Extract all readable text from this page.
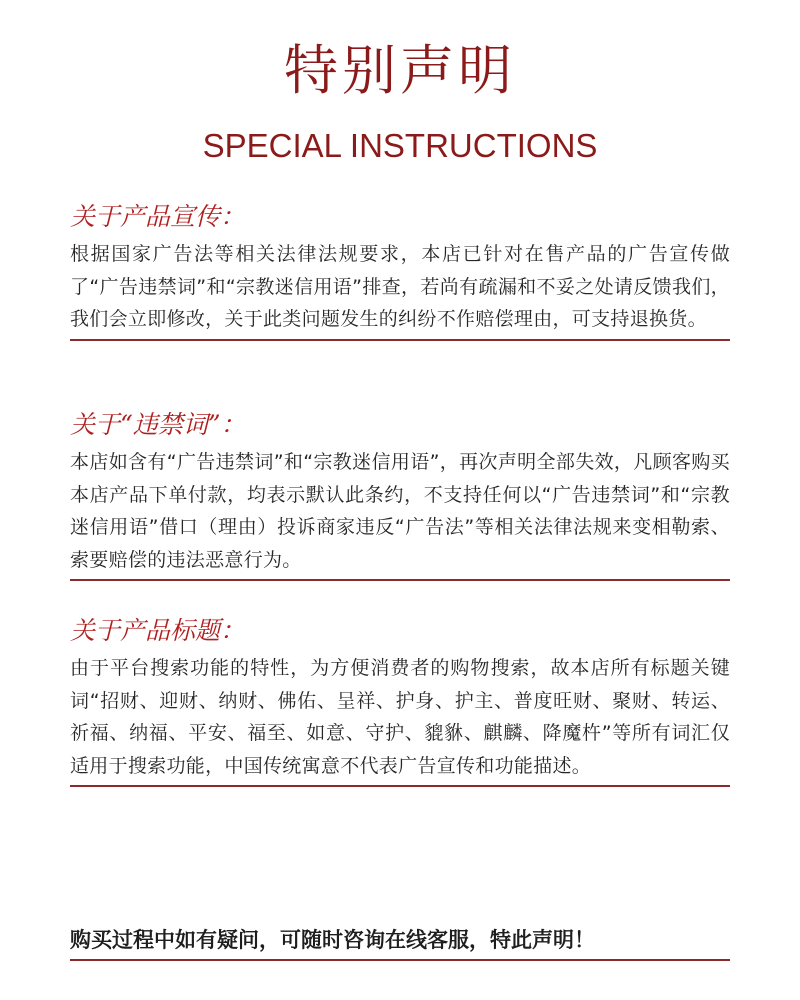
特别声明
SPECIAL INSTRUCTIONS
关于产品宣传：
根据国家广告法等相关法律法规要求，本店已针对在售产品的广告宣传做了“广告违禁词”和“宗教迷信用语”排查，若尚有疏漏和不妥之处请反馈我们，我们会立即修改，关于此类问题发生的纠纷不作赔偿理由，可支持退换货。
关于“违禁词”：
本店如含有“广告违禁词”和“宗教迷信用语”，再次声明全部失效，凡顾客购买本店产品下单付款，均表示默认此条约，不支持任何以“广告违禁词”和“宗教迷信用语”借口（理由）投诉商家违反“广告法”等相关法律法规来变相勒索、索要赔偿的违法恶意行为。
关于产品标题：
由于平台搜索功能的特性，为方便消费者的购物搜索，故本店所有标题关键词“招财、迎财、纳财、佛佑、呈祥、护身、护主、普度旺财、聚财、转运、祈福、纳福、平安、福至、如意、守护、貔貅、麒麟、降魔杵”等所有词汇仅适用于搜索功能，中国传统寓意不代表广告宣传和功能描述。
购买过程中如有疑问，可随时咨询在线客服，特此声明！
